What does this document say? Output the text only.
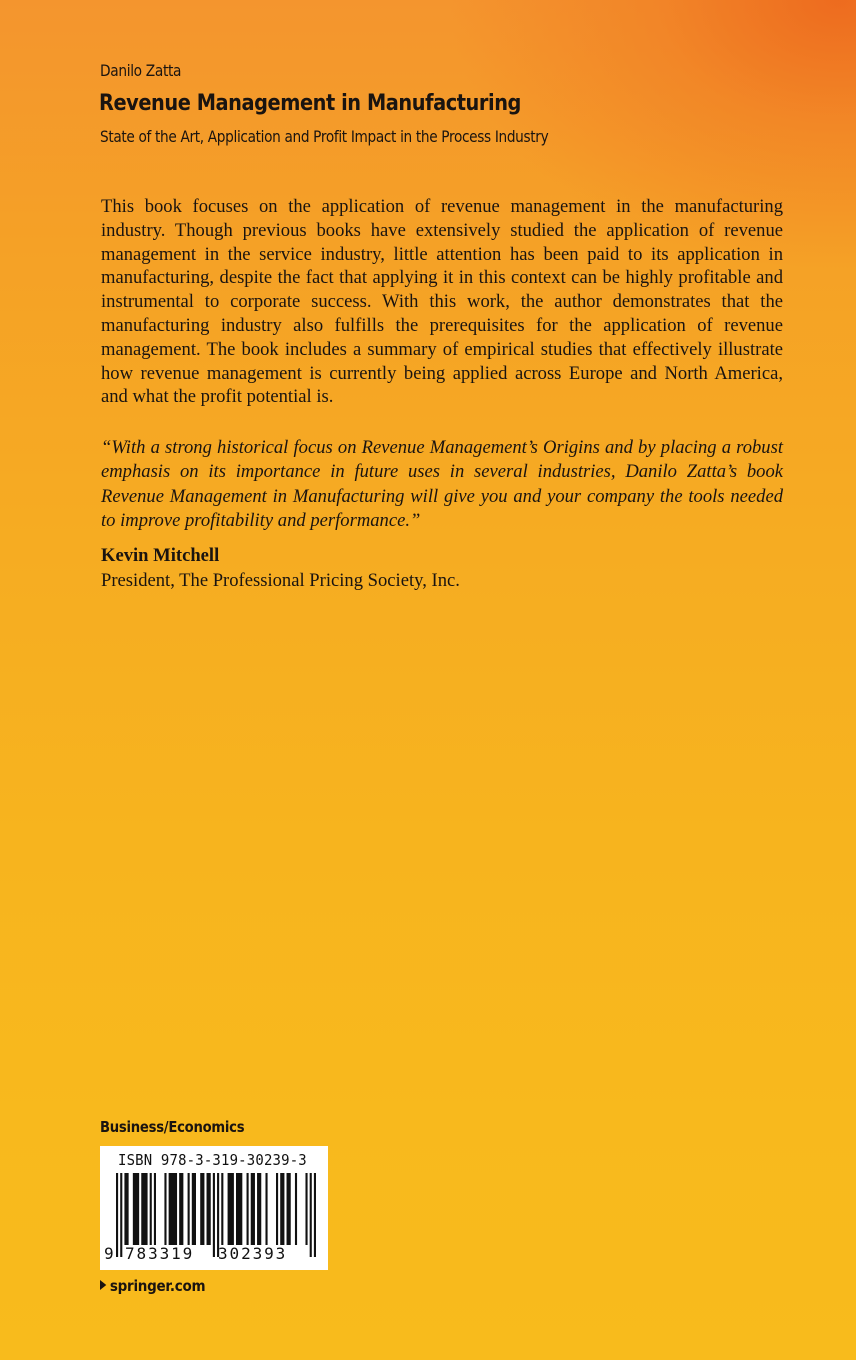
Danilo Zatta
Revenue Management in Manufacturing
State of the Art, Application and Profit Impact in the Process Industry

This book focuses on the application of revenue management in the manufacturing industry. Though previous books have extensively studied the application of revenue management in the service industry, little attention has been paid to its application in manufacturing, despite the fact that applying it in this context can be highly profitable and instrumental to corporate success. With this work, the author demonstrates that the manufacturing industry also fulfills the prerequisites for the application of revenue management. The book includes a summary of empirical studies that effectively illustrate how revenue management is currently being applied across Europe and North America, and what the profit potential is.

“With a strong historical focus on Revenue Management’s Origins and by placing a robust emphasis on its importance in future uses in several industries, Danilo Zatta’s book Revenue Management in Manufacturing will give you and your company the tools needed to improve profitability and performance.”

Kevin Mitchell
President, The Professional Pricing Society, Inc.
Business/Economics
ISBN 978-3-319-30239-3
9 783319 302393
springer.com
